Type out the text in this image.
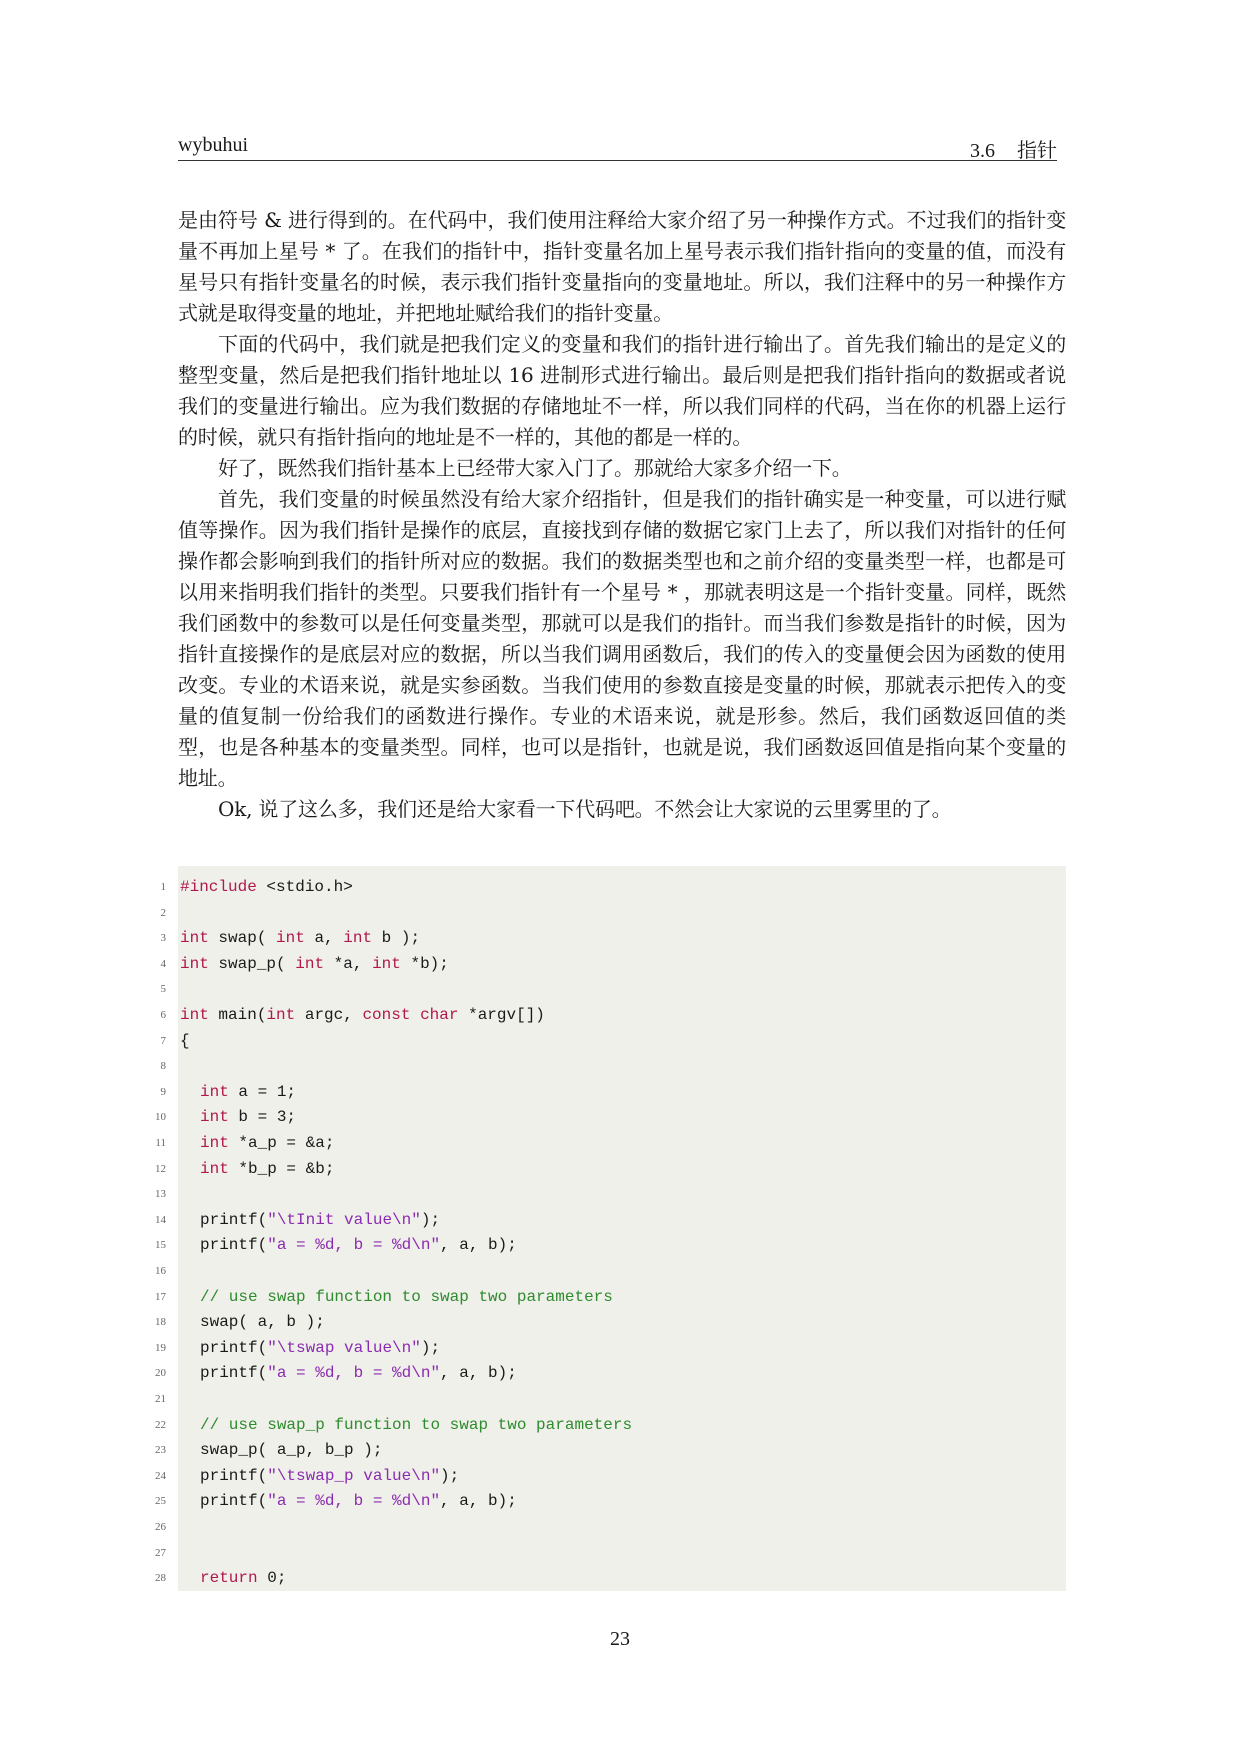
wybuhui	3.6 指针

是由符号 & 进行得到的。在代码中，我们使用注释给大家介绍了另一种操作方式。不过我们的指针变量不再加上星号 * 了。在我们的指针中，指针变量名加上星号表示我们指针指向的变量的值，而没有星号只有指针变量名的时候，表示我们指针变量指向的变量地址。所以，我们注释中的另一种操作方式就是取得变量的地址，并把地址赋给我们的指针变量。

下面的代码中，我们就是把我们定义的变量和我们的指针进行输出了。首先我们输出的是定义的整型变量，然后是把我们指针地址以 16 进制形式进行输出。最后则是把我们指针指向的数据或者说我们的变量进行输出。应为我们数据的存储地址不一样，所以我们同样的代码，当在你的机器上运行的时候，就只有指针指向的地址是不一样的，其他的都是一样的。

好了，既然我们指针基本上已经带大家入门了。那就给大家多介绍一下。

首先，我们变量的时候虽然没有给大家介绍指针，但是我们的指针确实是一种变量，可以进行赋值等操作。因为我们指针是操作的底层，直接找到存储的数据它家门上去了，所以我们对指针的任何操作都会影响到我们的指针所对应的数据。我们的数据类型也和之前介绍的变量类型一样，也都是可以用来指明我们指针的类型。只要我们指针有一个星号 * ，那就表明这是一个指针变量。同样，既然我们函数中的参数可以是任何变量类型，那就可以是我们的指针。而当我们参数是指针的时候，因为指针直接操作的是底层对应的数据，所以当我们调用函数后，我们的传入的变量便会因为函数的使用改变。专业的术语来说，就是实参函数。当我们使用的参数直接是变量的时候，那就表示把传入的变量的值复制一份给我们的函数进行操作。专业的术语来说，就是形参。然后，我们函数返回值的类型，也是各种基本的变量类型。同样，也可以是指针，也就是说，我们函数返回值是指向某个变量的地址。

Ok, 说了这么多，我们还是给大家看一下代码吧。不然会让大家说的云里雾里的了。

1 #include <stdio.h>
2
3 int swap( int a, int b );
4 int swap_p( int *a, int *b);
5
6 int main(int argc, const char *argv[])
7 {
8
9 int a = 1;
10 int b = 3;
11 int *a_p = &a;
12 int *b_p = &b;
13
14 printf("\tInit value\n");
15 printf("a = %d, b = %d\n", a, b);
16
17 // use swap function to swap two parameters
18 swap( a, b );
19 printf("\tswap value\n");
20 printf("a = %d, b = %d\n", a, b);
21
22 // use swap_p function to swap two parameters
23 swap_p( a_p, b_p );
24 printf("\tswap_p value\n");
25 printf("a = %d, b = %d\n", a, b);
26
27
28 return 0;
23
